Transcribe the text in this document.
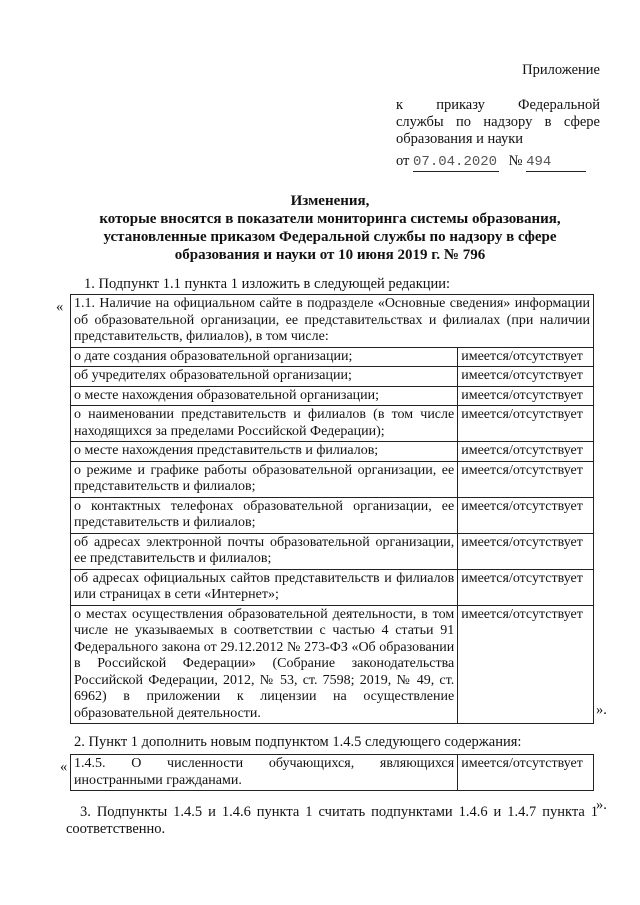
Приложение
к приказу Федеральной
службы по надзору в сфере
образования и науки
от 07.04.2020 № 494
Изменения,
которые вносятся в показатели мониторинга системы образования,
установленные приказом Федеральной службы по надзору в сфере
образования и науки от 10 июня 2019 г. № 796
1. Подпункт 1.1 пункта 1 изложить в следующей редакции:
« 1.1. Наличие на официальном сайте в подразделе «Основные сведения» информации об образовательной организации, ее представительствах и филиалах (при наличии представительств, филиалов), в том числе:	

о дате создания образовательной организации;	имеется/отсутствует
об учредителях образовательной организации;	имеется/отсутствует
о месте нахождения образовательной организации;	имеется/отсутствует
о наименовании представительств и филиалов (в том числе находящихся за пределами Российской Федерации);	имеется/отсутствует
о месте нахождения представительств и филиалов;	имеется/отсутствует
о режиме и графике работы образовательной организации, ее представительств и филиалов;	имеется/отсутствует
о контактных телефонах образовательной организации, ее представительств и филиалов;	имеется/отсутствует
об адресах электронной почты образовательной организации, ее представительств и филиалов;	имеется/отсутствует
об адресах официальных сайтов представительств и филиалов или страницах в сети «Интернет»;	имеется/отсутствует
о местах осуществления образовательной деятельности, в том числе не указываемых в соответствии с частью 4 статьи 91 Федерального закона от 29.12.2012 № 273-ФЗ «Об образовании в Российской Федерации» (Собрание законодательства Российской Федерации, 2012, № 53, ст. 7598; 2019, № 49, ст. 6962) в приложении к лицензии на осуществление образовательной деятельности.	имеется/отсутствует
».
2. Пункт 1 дополнить новым подпунктом 1.4.5 следующего содержания:
« 1.4.5. О численности обучающихся, являющихся иностранными гражданами.	имеется/отсутствует
».
3. Подпункты 1.4.5 и 1.4.6 пункта 1 считать подпунктами 1.4.6 и 1.4.7 пункта 1 соответственно.
